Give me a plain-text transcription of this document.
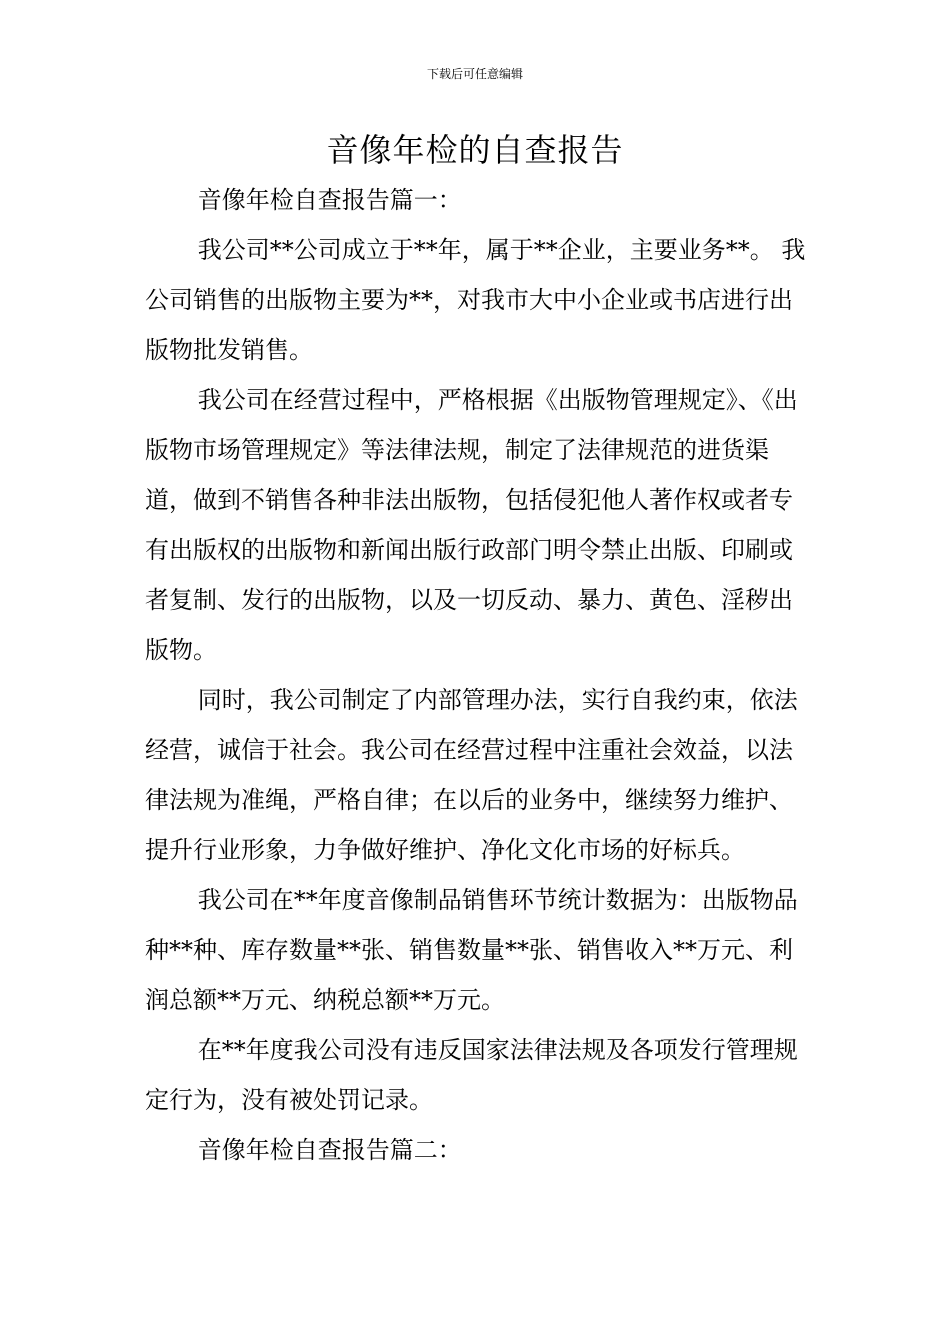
下载后可任意编辑
音像年检的自查报告

音像年检自查报告篇一：

我公司**公司成立于**年，属于**企业，主要业务**。 我公司销售的出版物主要为**，对我市大中小企业或书店进行出版物批发销售。

我公司在经营过程中，严格根据《出版物管理规定》、《出版物市场管理规定》等法律法规，制定了法律规范的进货渠道，做到不销售各种非法出版物，包括侵犯他人著作权或者专有出版权的出版物和新闻出版行政部门明令禁止出版、印刷或者复制、发行的出版物，以及一切反动、暴力、黄色、淫秽出版物。

同时，我公司制定了内部管理办法，实行自我约束，依法经营，诚信于社会。我公司在经营过程中注重社会效益，以法律法规为准绳，严格自律；在以后的业务中，继续努力维护、提升行业形象，力争做好维护、净化文化市场的好标兵。

我公司在**年度音像制品销售环节统计数据为：出版物品种**种、库存数量**张、销售数量**张、销售收入**万元、利润总额**万元、纳税总额**万元。

在**年度我公司没有违反国家法律法规及各项发行管理规定行为，没有被处罚记录。

音像年检自查报告篇二：
